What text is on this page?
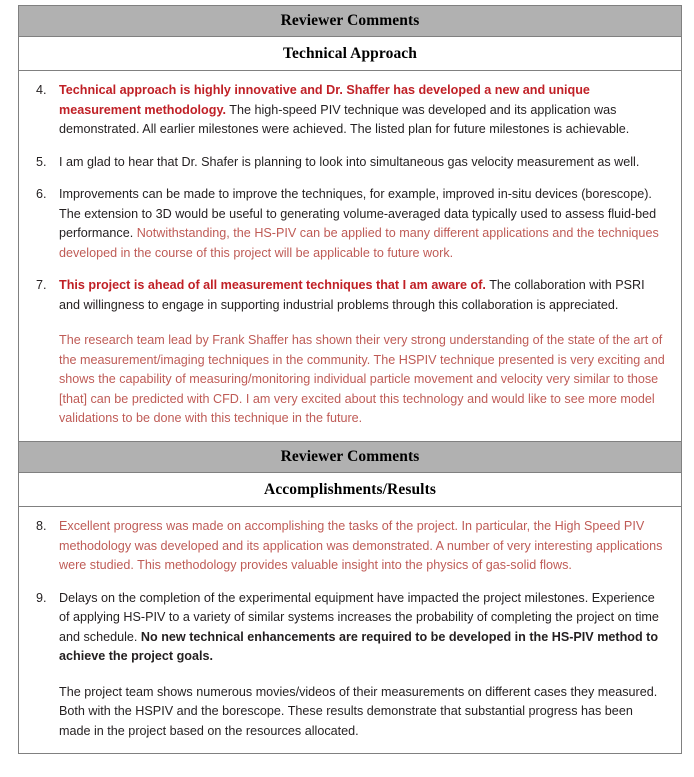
Reviewer Comments
Technical Approach
4. Technical approach is highly innovative and Dr. Shaffer has developed a new and unique measurement methodology. The high-speed PIV technique was developed and its application was demonstrated. All earlier milestones were achieved. The listed plan for future milestones is achievable.

5. I am glad to hear that Dr. Shafer is planning to look into simultaneous gas velocity measurement as well.

6. Improvements can be made to improve the techniques, for example, improved in-situ devices (borescope). The extension to 3D would be useful to generating volume-averaged data typically used to assess fluid-bed performance. Notwithstanding, the HS-PIV can be applied to many different applications and the techniques developed in the course of this project will be applicable to future work.

7. This project is ahead of all measurement techniques that I am aware of. The collaboration with PSRI and willingness to engage in supporting industrial problems through this collaboration is appreciated.

The research team lead by Frank Shaffer has shown their very strong understanding of the state of the art of the measurement/imaging techniques in the community. The HSPIV technique presented is very exciting and shows the capability of measuring/monitoring individual particle movement and velocity very similar to those [that] can be predicted with CFD. I am very excited about this technology and would like to see more model validations to be done with this technique in the future.

Reviewer Comments
Accomplishments/Results
8. Excellent progress was made on accomplishing the tasks of the project. In particular, the High Speed PIV methodology was developed and its application was demonstrated. A number of very interesting applications were studied. This methodology provides valuable insight into the physics of gas-solid flows.

9. Delays on the completion of the experimental equipment have impacted the project milestones. Experience of applying HS-PIV to a variety of similar systems increases the probability of completing the project on time and schedule. No new technical enhancements are required to be developed in the HS-PIV method to achieve the project goals.

The project team shows numerous movies/videos of their measurements on different cases they measured. Both with the HSPIV and the borescope. These results demonstrate that substantial progress has been made in the project based on the resources allocated.
